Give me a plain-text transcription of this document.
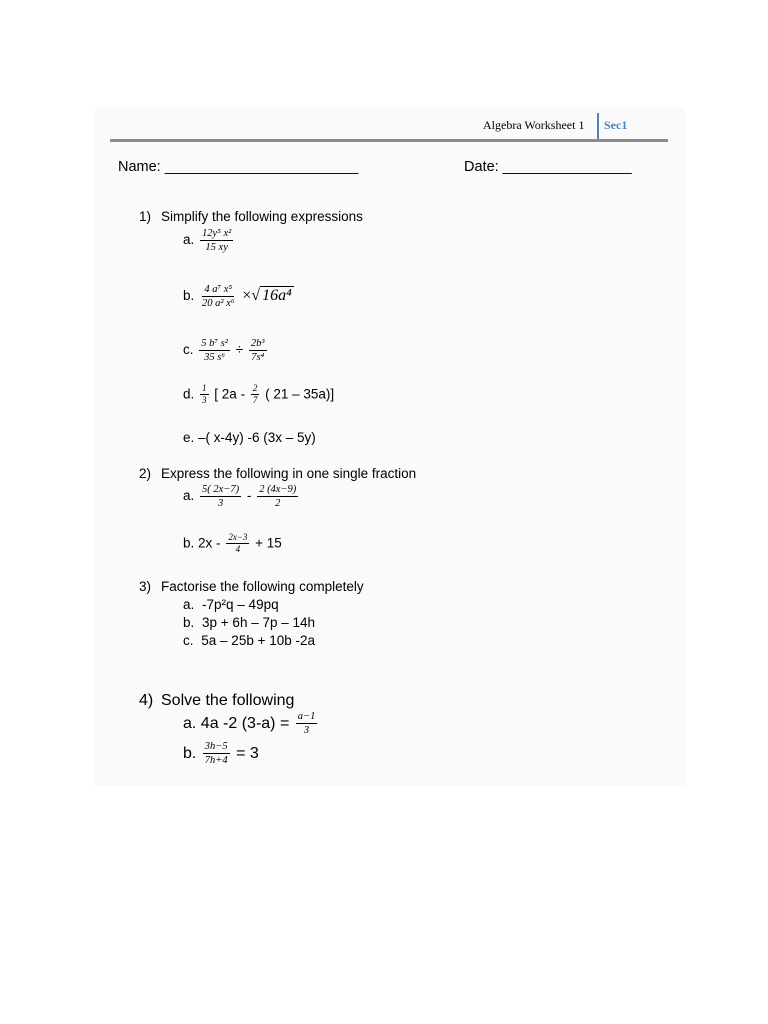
Algebra Worksheet 1 Sec1
Name: ________________________	Date: ________________
1) Simplify the following expressions
a. $\frac{\text{12y⁵ x²}}{15 xy}$
b. $\frac{\text{4 a⁷ x⁵}}{\text{20 a² x⁶}}$ ×√ 16a⁴
c. $\frac{\text{5 b⁷ s²}}{\text{35 s⁶}} \div \frac{\text{2b³}}{\text{7s⁴}}$
d. $\frac{1}{3}$ [ $2a - \frac{2}{7}$ ( 21 – 35a)]
e. –( x-4y) -6 (3x – 5y)
2) Express the following in one single fraction
a. $\frac{5( 2x-7)}{3} - \frac{2 (4x-9)}{2}$
b. $2x - \frac{2x-3}{4} + 15$
3) Factorise the following completely
a. -7p²q – 49pq
b. 3p + 6h – 7p – 14h
c. 5a – 25b + 10b -2a
4) Solve the following
a. 4a -2 $(3-a) = \frac{a-1}{3}$
b. $\frac{3h-5}{7h+4} = 3$
